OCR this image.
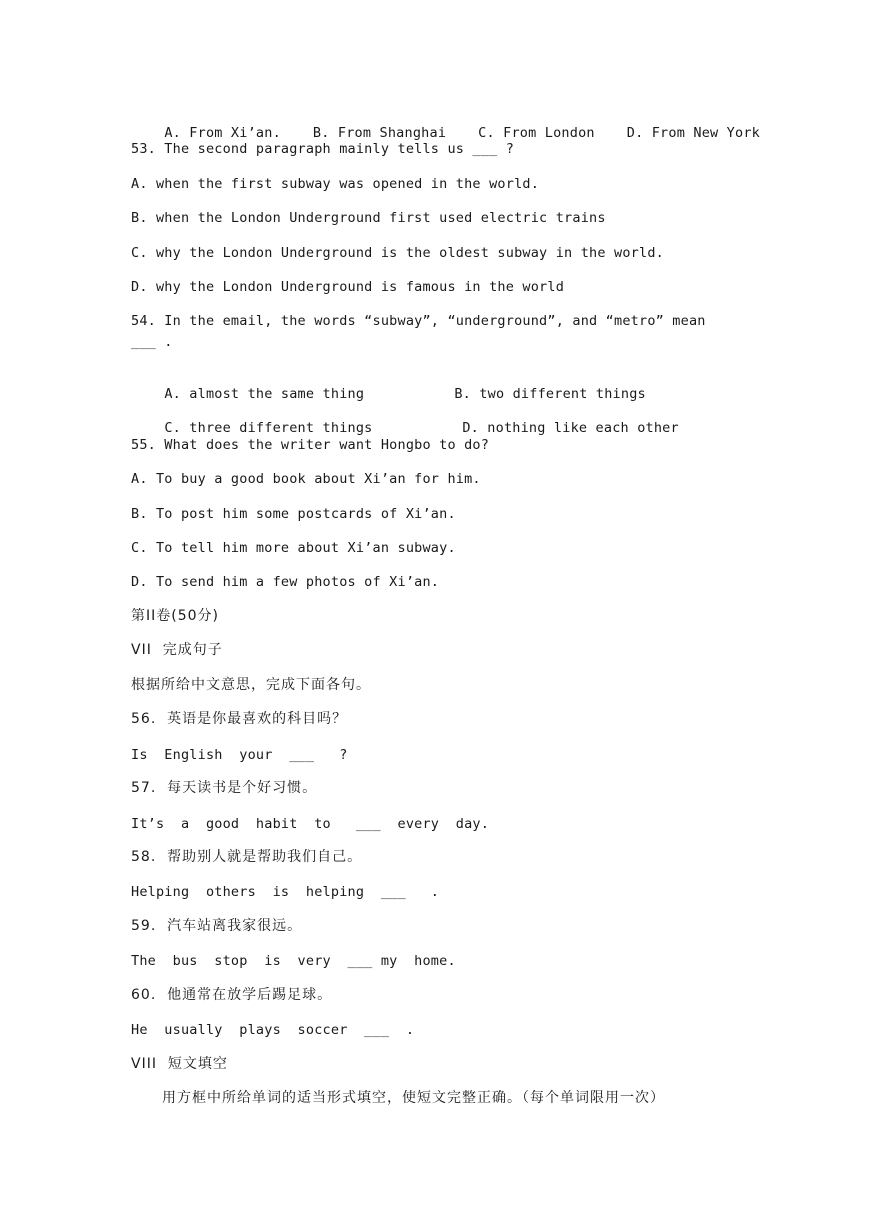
A. From Xi’an. B. From Shanghai C. From London D. From New York

53. The second paragraph mainly tells us ___ ?
A. when the first subway was opened in the world.
B. when the London Underground first used electric trains
C. why the London Underground is the oldest subway in the world.
D. why the London Underground is famous in the world
54. In the email, the words “subway”, “underground”, and “metro” mean
___ .

A. almost the same thing	B. two different things

C. three different things	D. nothing like each other

55. What does the writer want Hongbo to do?
A. To buy a good book about Xi’an for him.
B. To post him some postcards of Xi’an.
C. To tell him more about Xi’an subway.
D. To send him a few photos of Xi’an.
第II卷(50分)
VII  完成句子
根据所给中文意思，完成下面各句。
56.  英语是你最喜欢的科目吗？
Is  English  your  ___   ?
57.  每天读书是个好习惯。
It’s  a  good  habit  to   ___  every  day.
58.  帮助别人就是帮助我们自己。
Helping  others  is  helping  ___   .
59.  汽车站离我家很远。
The  bus  stop  is  very  ___ my  home.
60.  他通常在放学后踢足球。
He  usually  plays  soccer  ___  .
VIII  短文填空
用方框中所给单词的适当形式填空，使短文完整正确。（每个单词限用一次）
